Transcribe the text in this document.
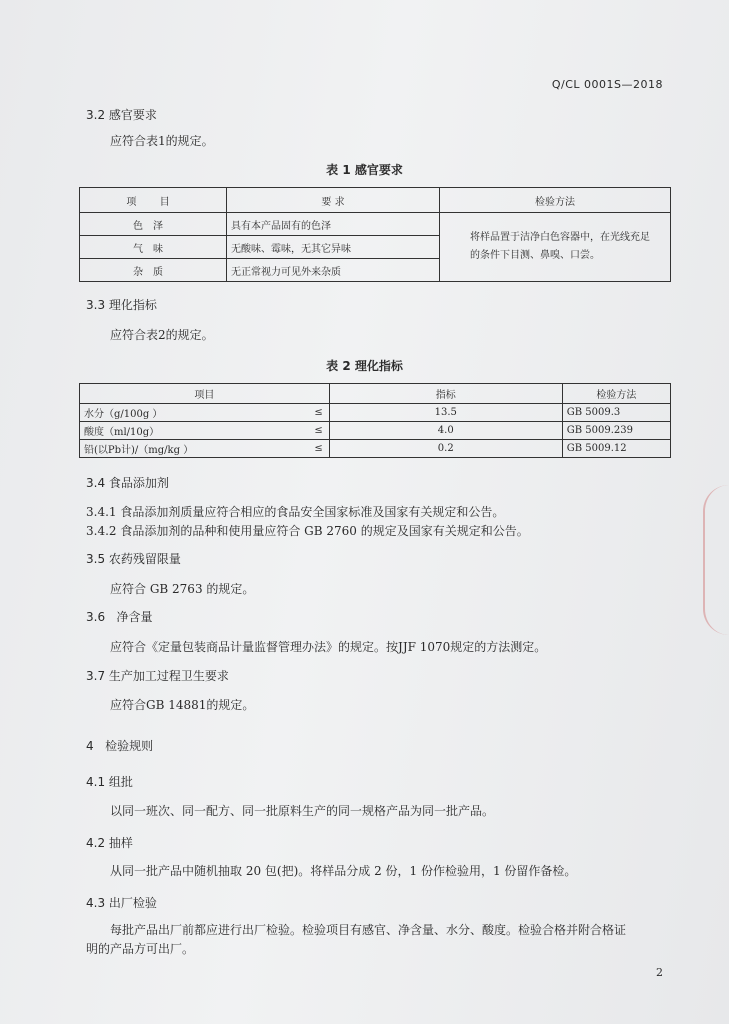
Q/CL 0001S—2018
3.2 感官要求
应符合表1的规定。
表 1 感官要求
项 目	要 求	检验方法
色泽	具有本产品固有的色泽	将样品置于洁净白色容器中，在光线充足的条件下目测、鼻嗅、口尝。
气味	无酸味、霉味，无其它异味	
杂质	无正常视力可见外来杂质	
3.3 理化指标
应符合表2的规定。
表 2 理化指标
项目		指标	检验方法
水分（g/100g ）	≤	13.5	GB 5009.3
酸度（ml/10g）	≤	4.0	GB 5009.239
铅(以Pb计)/（mg/kg ）	≤	0.2	GB 5009.12
3.4 食品添加剂
3.4.1 食品添加剂质量应符合相应的食品安全国家标准及国家有关规定和公告。
3.4.2 食品添加剂的品种和使用量应符合 GB 2760 的规定及国家有关规定和公告。
3.5 农药残留限量
应符合 GB 2763 的规定。
3.6   净含量
应符合《定量包装商品计量监督管理办法》的规定。按JJF 1070规定的方法测定。
3.7 生产加工过程卫生要求
应符合GB 14881的规定。
4   检验规则
4.1 组批
以同一班次、同一配方、同一批原料生产的同一规格产品为同一批产品。
4.2 抽样
从同一批产品中随机抽取 20 包(把)。将样品分成 2 份，1 份作检验用，1 份留作备检。
4.3 出厂检验
每批产品出厂前都应进行出厂检验。检验项目有感官、净含量、水分、酸度。检验合格并附合格证
明的产品方可出厂。
2
